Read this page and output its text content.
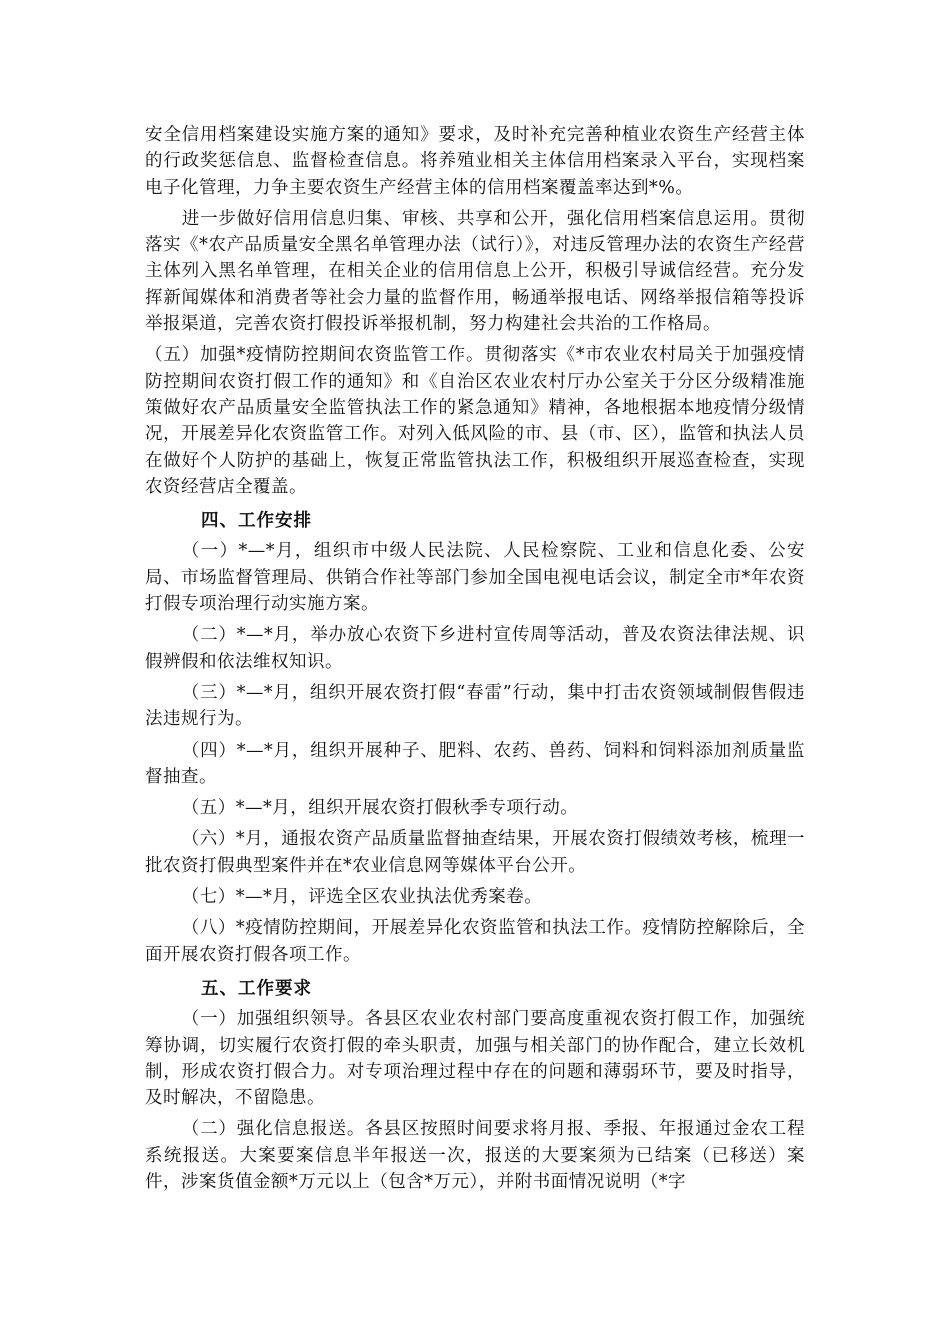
安全信用档案建设实施方案的通知》要求，及时补充完善种植业农资生产经营主体的行政奖惩信息、监督检查信息。将养殖业相关主体信用档案录入平台，实现档案电子化管理，力争主要农资生产经营主体的信用档案覆盖率达到*%。

进一步做好信用信息归集、审核、共享和公开，强化信用档案信息运用。贯彻落实《*农产品质量安全黑名单管理办法（试行）》，对违反管理办法的农资生产经营主体列入黑名单管理，在相关企业的信用信息上公开，积极引导诚信经营。充分发挥新闻媒体和消费者等社会力量的监督作用，畅通举报电话、网络举报信箱等投诉举报渠道，完善农资打假投诉举报机制，努力构建社会共治的工作格局。

（五）加强*疫情防控期间农资监管工作。贯彻落实《*市农业农村局关于加强疫情防控期间农资打假工作的通知》和《自治区农业农村厅办公室关于分区分级精准施策做好农产品质量安全监管执法工作的紧急通知》精神，各地根据本地疫情分级情况，开展差异化农资监管工作。对列入低风险的市、县（市、区），监管和执法人员在做好个人防护的基础上，恢复正常监管执法工作，积极组织开展巡查检查，实现农资经营店全覆盖。

四、工作安排

（一）*—*月，组织市中级人民法院、人民检察院、工业和信息化委、公安局、市场监督管理局、供销合作社等部门参加全国电视电话会议，制定全市*年农资打假专项治理行动实施方案。

（二）*—*月，举办放心农资下乡进村宣传周等活动，普及农资法律法规、识假辨假和依法维权知识。

（三）*—*月，组织开展农资打假“春雷”行动，集中打击农资领域制假售假违法违规行为。

（四）*—*月，组织开展种子、肥料、农药、兽药、饲料和饲料添加剂质量监督抽查。

（五）*—*月，组织开展农资打假秋季专项行动。

（六）*月，通报农资产品质量监督抽查结果，开展农资打假绩效考核，梳理一批农资打假典型案件并在*农业信息网等媒体平台公开。

（七）*—*月，评选全区农业执法优秀案卷。

（八）*疫情防控期间，开展差异化农资监管和执法工作。疫情防控解除后，全面开展农资打假各项工作。

五、工作要求

（一）加强组织领导。各县区农业农村部门要高度重视农资打假工作，加强统筹协调，切实履行农资打假的牵头职责，加强与相关部门的协作配合，建立长效机制，形成农资打假合力。对专项治理过程中存在的问题和薄弱环节，要及时指导，及时解决，不留隐患。

（二）强化信息报送。各县区按照时间要求将月报、季报、年报通过金农工程系统报送。大案要案信息半年报送一次，报送的大要案须为已结案（已移送）案件，涉案货值金额*万元以上（包含*万元），并附书面情况说明（*字
